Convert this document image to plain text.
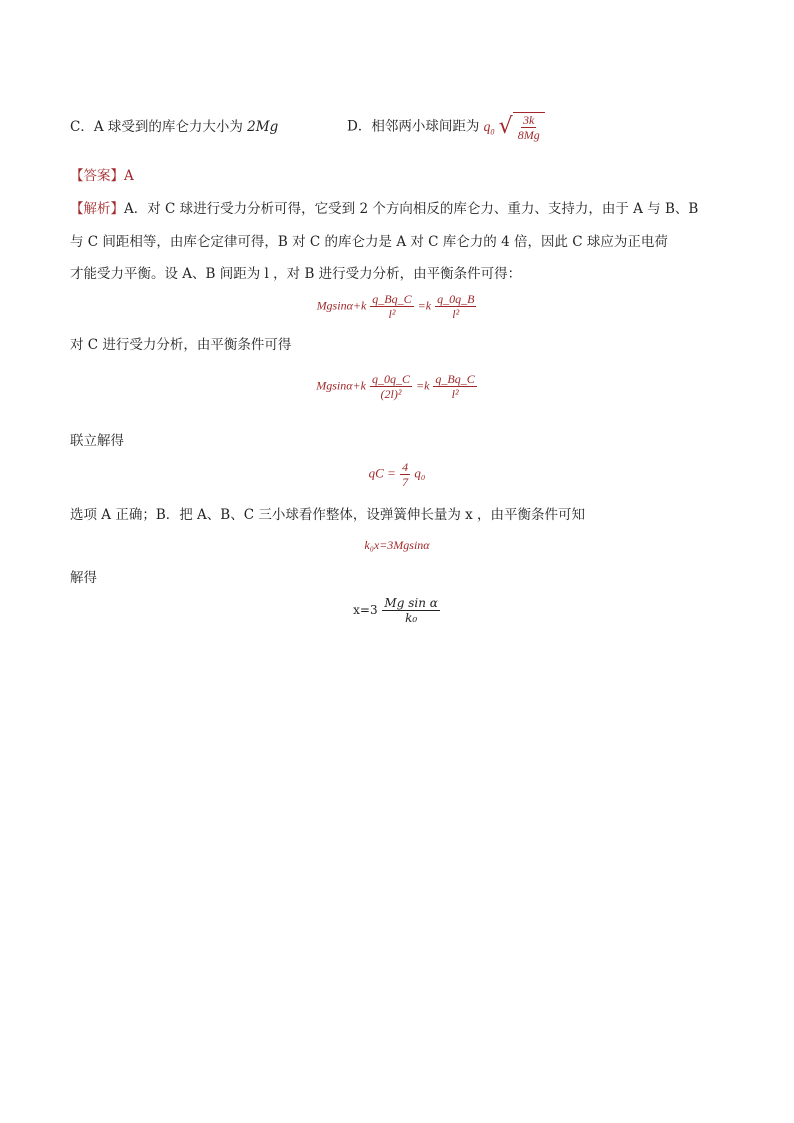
C．A 球受到的库仑力大小为 2Mg	D．相邻两小球间距为 $q_0$ √ $\frac{3k}{8Mg}$
【答案】A
【解析】A．对 C 球进行受力分析可得，它受到 2 个方向相反的库仑力、重力、支持力，由于 A 与 B、B
与 C 间距相等，由库仑定律可得，B 对 C 的库仑力是 A 对 C 库仑力的 4 倍，因此 C 球应为正电荷
才能受力平衡。设 A、B 间距为 l ，对 B 进行受力分析，由平衡条件可得：
$Mgsin\alpha+k \frac{q\_Bq\_C}{\text{l²}} =k \frac{q\_0q\_B}{\text{l²}}$
对 C 进行受力分析，由平衡条件可得
$Mgsin\alpha+k \frac{q\_0q\_C}{\text{(2l)²}} =k \frac{q\_Bq\_C}{\text{l²}}$
联立解得
qC = $\frac{4}{7} q_0$
选项 A 正确；B．把 A、B、C 三小球看作整体，设弹簧伸长量为 x ，由平衡条件可知
k₀x=3Mgsinα
解得
$x=3 \frac{\text{Mg sin α}}{\text{k₀}}$
